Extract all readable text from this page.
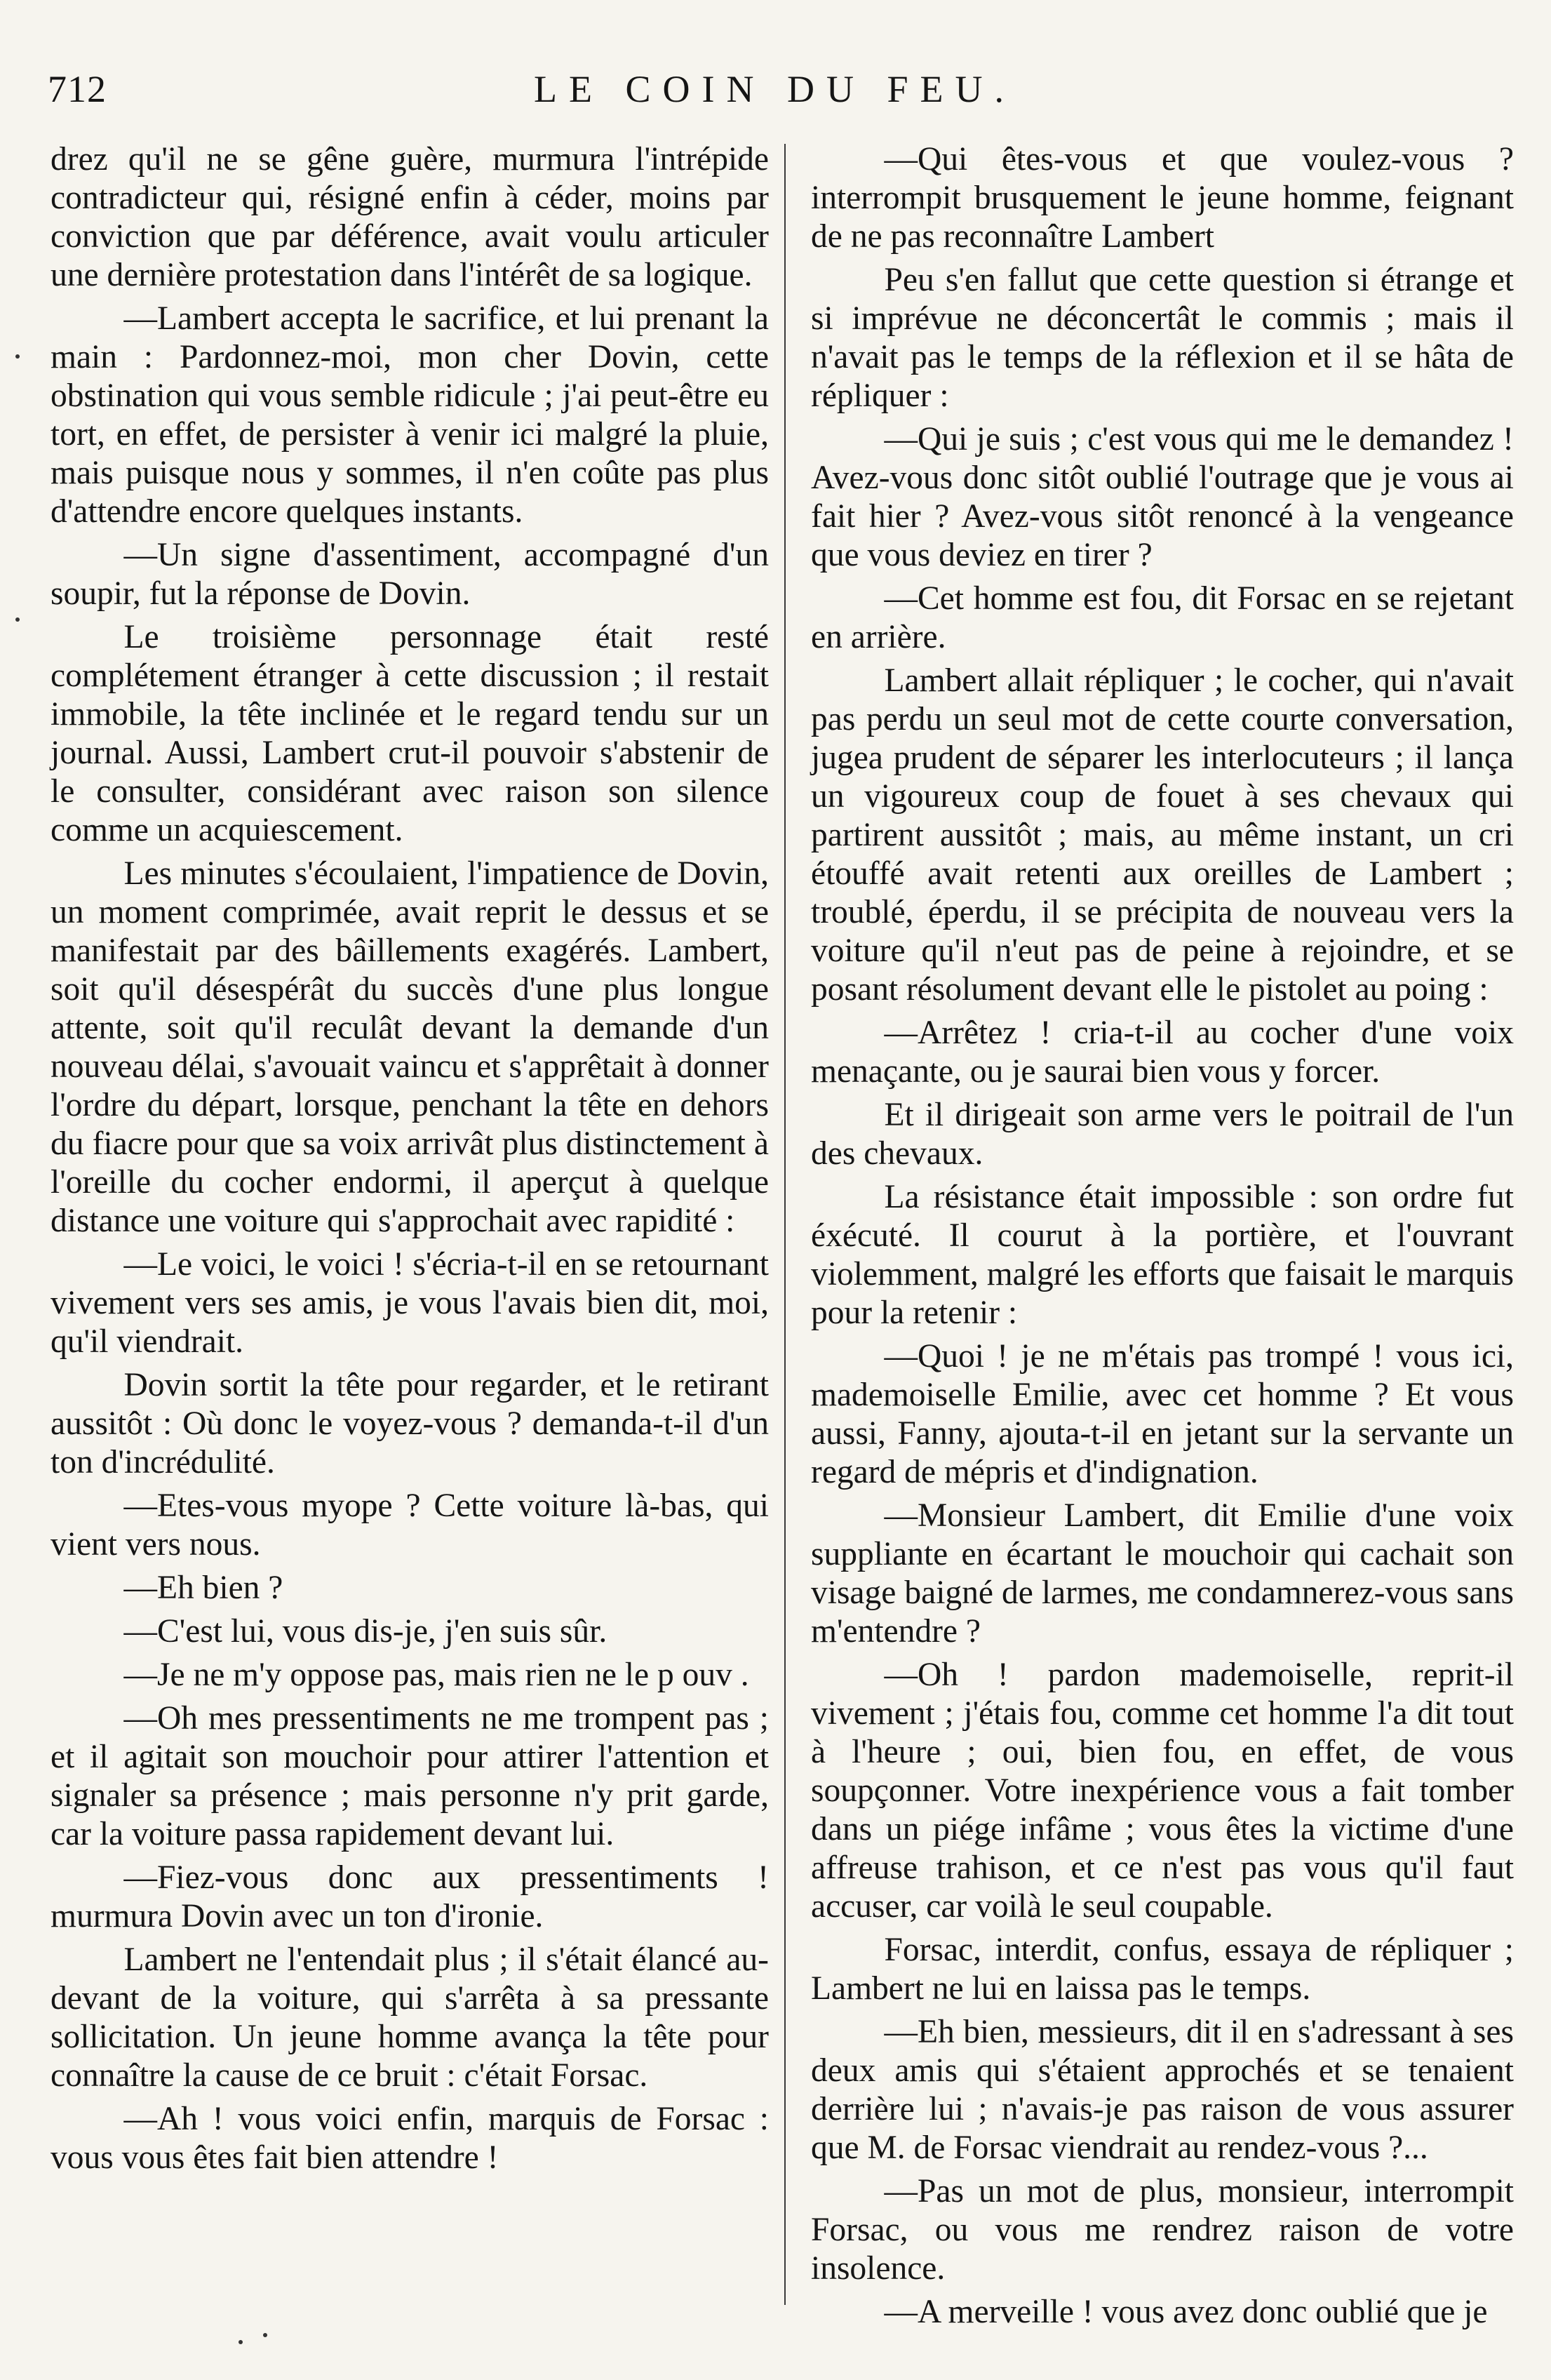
712	LE COIN DU FEU.

drez qu'il ne se gêne guère, murmura l'intrépide contradicteur qui, résigné enfin à céder, moins par conviction que par déférence, avait voulu articuler une dernière protestation dans l'intérêt de sa logique.

—Lambert accepta le sacrifice, et lui prenant la main : Pardonnez-moi, mon cher Dovin, cette obstination qui vous semble ridicule ; j'ai peut-être eu tort, en effet, de persister à venir ici malgré la pluie, mais puisque nous y sommes, il n'en coûte pas plus d'attendre encore quelques instants.

—Un signe d'assentiment, accompagné d'un soupir, fut la réponse de Dovin.

Le troisième personnage était resté complétement étranger à cette discussion ; il restait immobile, la tête inclinée et le regard tendu sur un journal. Aussi, Lambert crut-il pouvoir s'abstenir de le consulter, considérant avec raison son silence comme un acquiescement.

Les minutes s'écoulaient, l'impatience de Dovin, un moment comprimée, avait reprit le dessus et se manifestait par des bâillements exagérés. Lambert, soit qu'il désespérât du succès d'une plus longue attente, soit qu'il reculât devant la demande d'un nouveau délai, s'avouait vaincu et s'apprêtait à donner l'ordre du départ, lorsque, penchant la tête en dehors du fiacre pour que sa voix arrivât plus distinctement à l'oreille du cocher endormi, il aperçut à quelque distance une voiture qui s'approchait avec rapidité :

—Le voici, le voici ! s'écria-t-il en se retournant vivement vers ses amis, je vous l'avais bien dit, moi, qu'il viendrait.

Dovin sortit la tête pour regarder, et le retirant aussitôt : Où donc le voyez-vous ? demanda-t-il d'un ton d'incrédulité.

—Etes-vous myope ? Cette voiture là-bas, qui vient vers nous.

—Eh bien ?

—C'est lui, vous dis-je, j'en suis sûr.

—Je ne m'y oppose pas, mais rien ne le p ouv .

—Oh mes pressentiments ne me trompent pas ; et il agitait son mouchoir pour attirer l'attention et signaler sa présence ; mais personne n'y prit garde, car la voiture passa rapidement devant lui.

—Fiez-vous donc aux pressentiments ! murmura Dovin avec un ton d'ironie.

Lambert ne l'entendait plus ; il s'était élancé au-devant de la voiture, qui s'arrêta à sa pressante sollicitation. Un jeune homme avança la tête pour connaître la cause de ce bruit : c'était Forsac.

—Ah ! vous voici enfin, marquis de Forsac : vous vous êtes fait bien attendre !

—Qui êtes-vous et que voulez-vous ? interrompit brusquement le jeune homme, feignant de ne pas reconnaître Lambert

Peu s'en fallut que cette question si étrange et si imprévue ne déconcertât le commis ; mais il n'avait pas le temps de la réflexion et il se hâta de répliquer :

—Qui je suis ; c'est vous qui me le demandez ! Avez-vous donc sitôt oublié l'outrage que je vous ai fait hier ? Avez-vous sitôt renoncé à la vengeance que vous deviez en tirer ?

—Cet homme est fou, dit Forsac en se rejetant en arrière.

Lambert allait répliquer ; le cocher, qui n'avait pas perdu un seul mot de cette courte conversation, jugea prudent de séparer les interlocuteurs ; il lança un vigoureux coup de fouet à ses chevaux qui partirent aussitôt ; mais, au même instant, un cri étouffé avait retenti aux oreilles de Lambert ; troublé, éperdu, il se précipita de nouveau vers la voiture qu'il n'eut pas de peine à rejoindre, et se posant résolument devant elle le pistolet au poing :

—Arrêtez ! cria-t-il au cocher d'une voix menaçante, ou je saurai bien vous y forcer.

Et il dirigeait son arme vers le poitrail de l'un des chevaux.

La résistance était impossible : son ordre fut éxécuté. Il courut à la portière, et l'ouvrant violemment, malgré les efforts que faisait le marquis pour la retenir :

—Quoi ! je ne m'étais pas trompé ! vous ici, mademoiselle Emilie, avec cet homme ? Et vous aussi, Fanny, ajouta-t-il en jetant sur la servante un regard de mépris et d'indignation.

—Monsieur Lambert, dit Emilie d'une voix suppliante en écartant le mouchoir qui cachait son visage baigné de larmes, me condamnerez-vous sans m'entendre ?

—Oh ! pardon mademoiselle, reprit-il vivement ; j'étais fou, comme cet homme l'a dit tout à l'heure ; oui, bien fou, en effet, de vous soupçonner. Votre inexpérience vous a fait tomber dans un piége infâme ; vous êtes la victime d'une affreuse trahison, et ce n'est pas vous qu'il faut accuser, car voilà le seul coupable.

Forsac, interdit, confus, essaya de répliquer ; Lambert ne lui en laissa pas le temps.

—Eh bien, messieurs, dit il en s'adressant à ses deux amis qui s'étaient approchés et se tenaient derrière lui ; n'avais-je pas raison de vous assurer que M. de Forsac viendrait au rendez-vous ?...

—Pas un mot de plus, monsieur, interrompit Forsac, ou vous me rendrez raison de votre insolence.

—A merveille ! vous avez donc oublié que je
